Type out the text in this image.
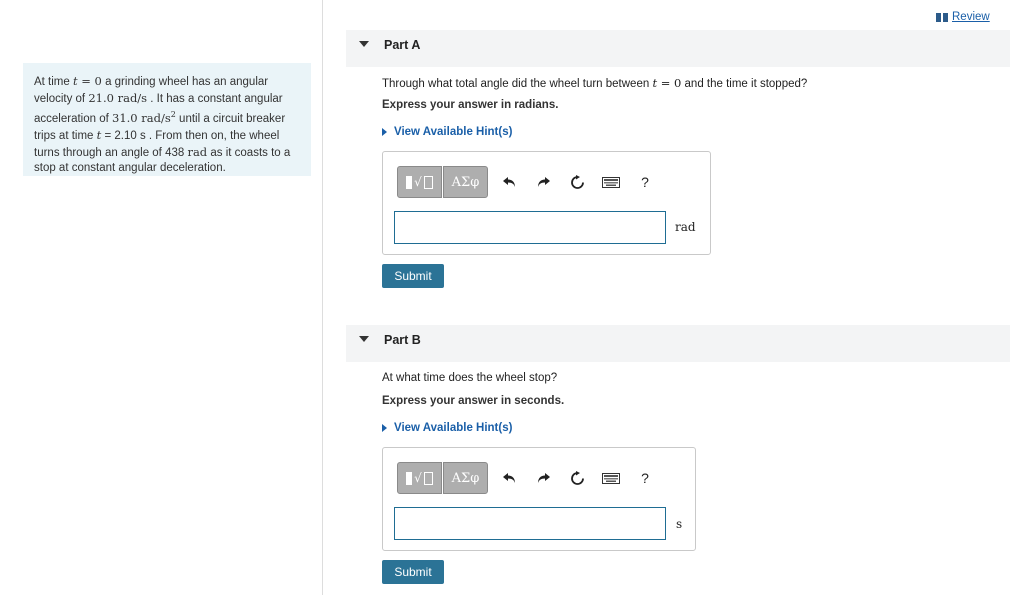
At time t = 0 a grinding wheel has an angular velocity of 21.0 rad/s . It has a constant angular acceleration of 31.0 rad/$s^2$ until a circuit breaker trips at time t = 2.10 s . From then on, the wheel turns through an angle of 438 rad as it coasts to a stop at constant angular deceleration.
Review
Part A
Through what total angle did the wheel turn between t = 0 and the time it stopped?
Express your answer in radians.
View Available Hint(s)
√	ΑΣφ	?
rad
Submit
Part B
At what time does the wheel stop?
Express your answer in seconds.
View Available Hint(s)
√	ΑΣφ	?
s
Submit
